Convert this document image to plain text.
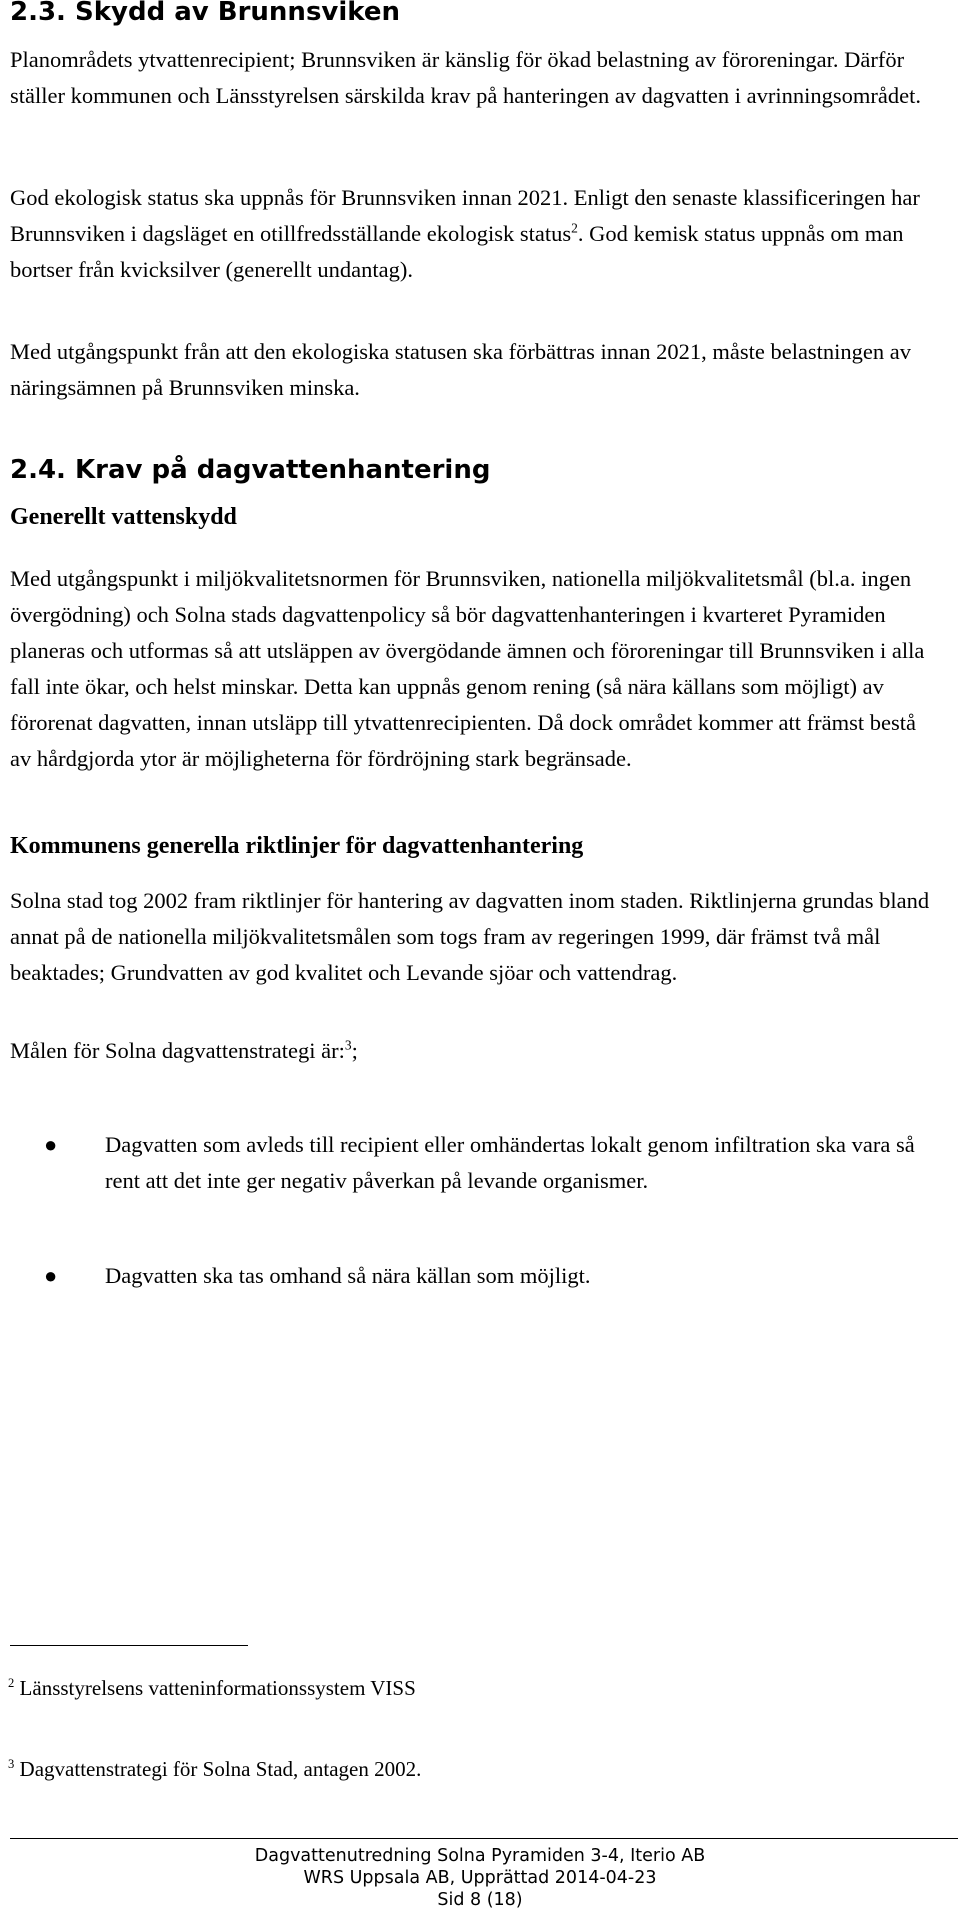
2.3. Skydd av Brunnsviken

Planområdets ytvattenrecipient; Brunnsviken är känslig för ökad belastning av föroreningar. Därför ställer kommunen och Länsstyrelsen särskilda krav på hanteringen av dagvatten i avrinningsområdet.

God ekologisk status ska uppnås för Brunnsviken innan 2021. Enligt den senaste klassificeringen har Brunnsviken i dagsläget en otillfredsställande ekologisk status$^2$. God kemisk status uppnås om man bortser från kvicksilver (generellt undantag).

Med utgångspunkt från att den ekologiska statusen ska förbättras innan 2021, måste belastningen av näringsämnen på Brunnsviken minska.

2.4. Krav på dagvattenhantering
Generellt vattenskydd

Med utgångspunkt i miljökvalitetsnormen för Brunnsviken, nationella miljökvalitetsmål (bl.a. ingen övergödning) och Solna stads dagvattenpolicy så bör dagvattenhanteringen i kvarteret Pyramiden planeras och utformas så att utsläppen av övergödande ämnen och föroreningar till Brunnsviken i alla fall inte ökar, och helst minskar. Detta kan uppnås genom rening (så nära källans som möjligt) av förorenat dagvatten, innan utsläpp till ytvattenrecipienten. Då dock området kommer att främst bestå av hårdgjorda ytor är möjligheterna för fördröjning stark begränsade.

Kommunens generella riktlinjer för dagvattenhantering

Solna stad tog 2002 fram riktlinjer för hantering av dagvatten inom staden. Riktlinjerna grundas bland annat på de nationella miljökvalitetsmålen som togs fram av regeringen 1999, där främst två mål beaktades; Grundvatten av god kvalitet och Levande sjöar och vattendrag.

Målen för Solna dagvattenstrategi är:$^3$;

● Dagvatten som avleds till recipient eller omhändertas lokalt genom infiltration ska vara så rent att det inte ger negativ påverkan på levande organismer.

● Dagvatten ska tas omhand så nära källan som möjligt.

$^2$ Länsstyrelsens vatteninformationssystem VISS
$^3$ Dagvattenstrategi för Solna Stad, antagen 2002.
Dagvattenutredning Solna Pyramiden 3-4, Iterio AB
WRS Uppsala AB, Upprättad 2014-04-23
Sid 8 (18)
